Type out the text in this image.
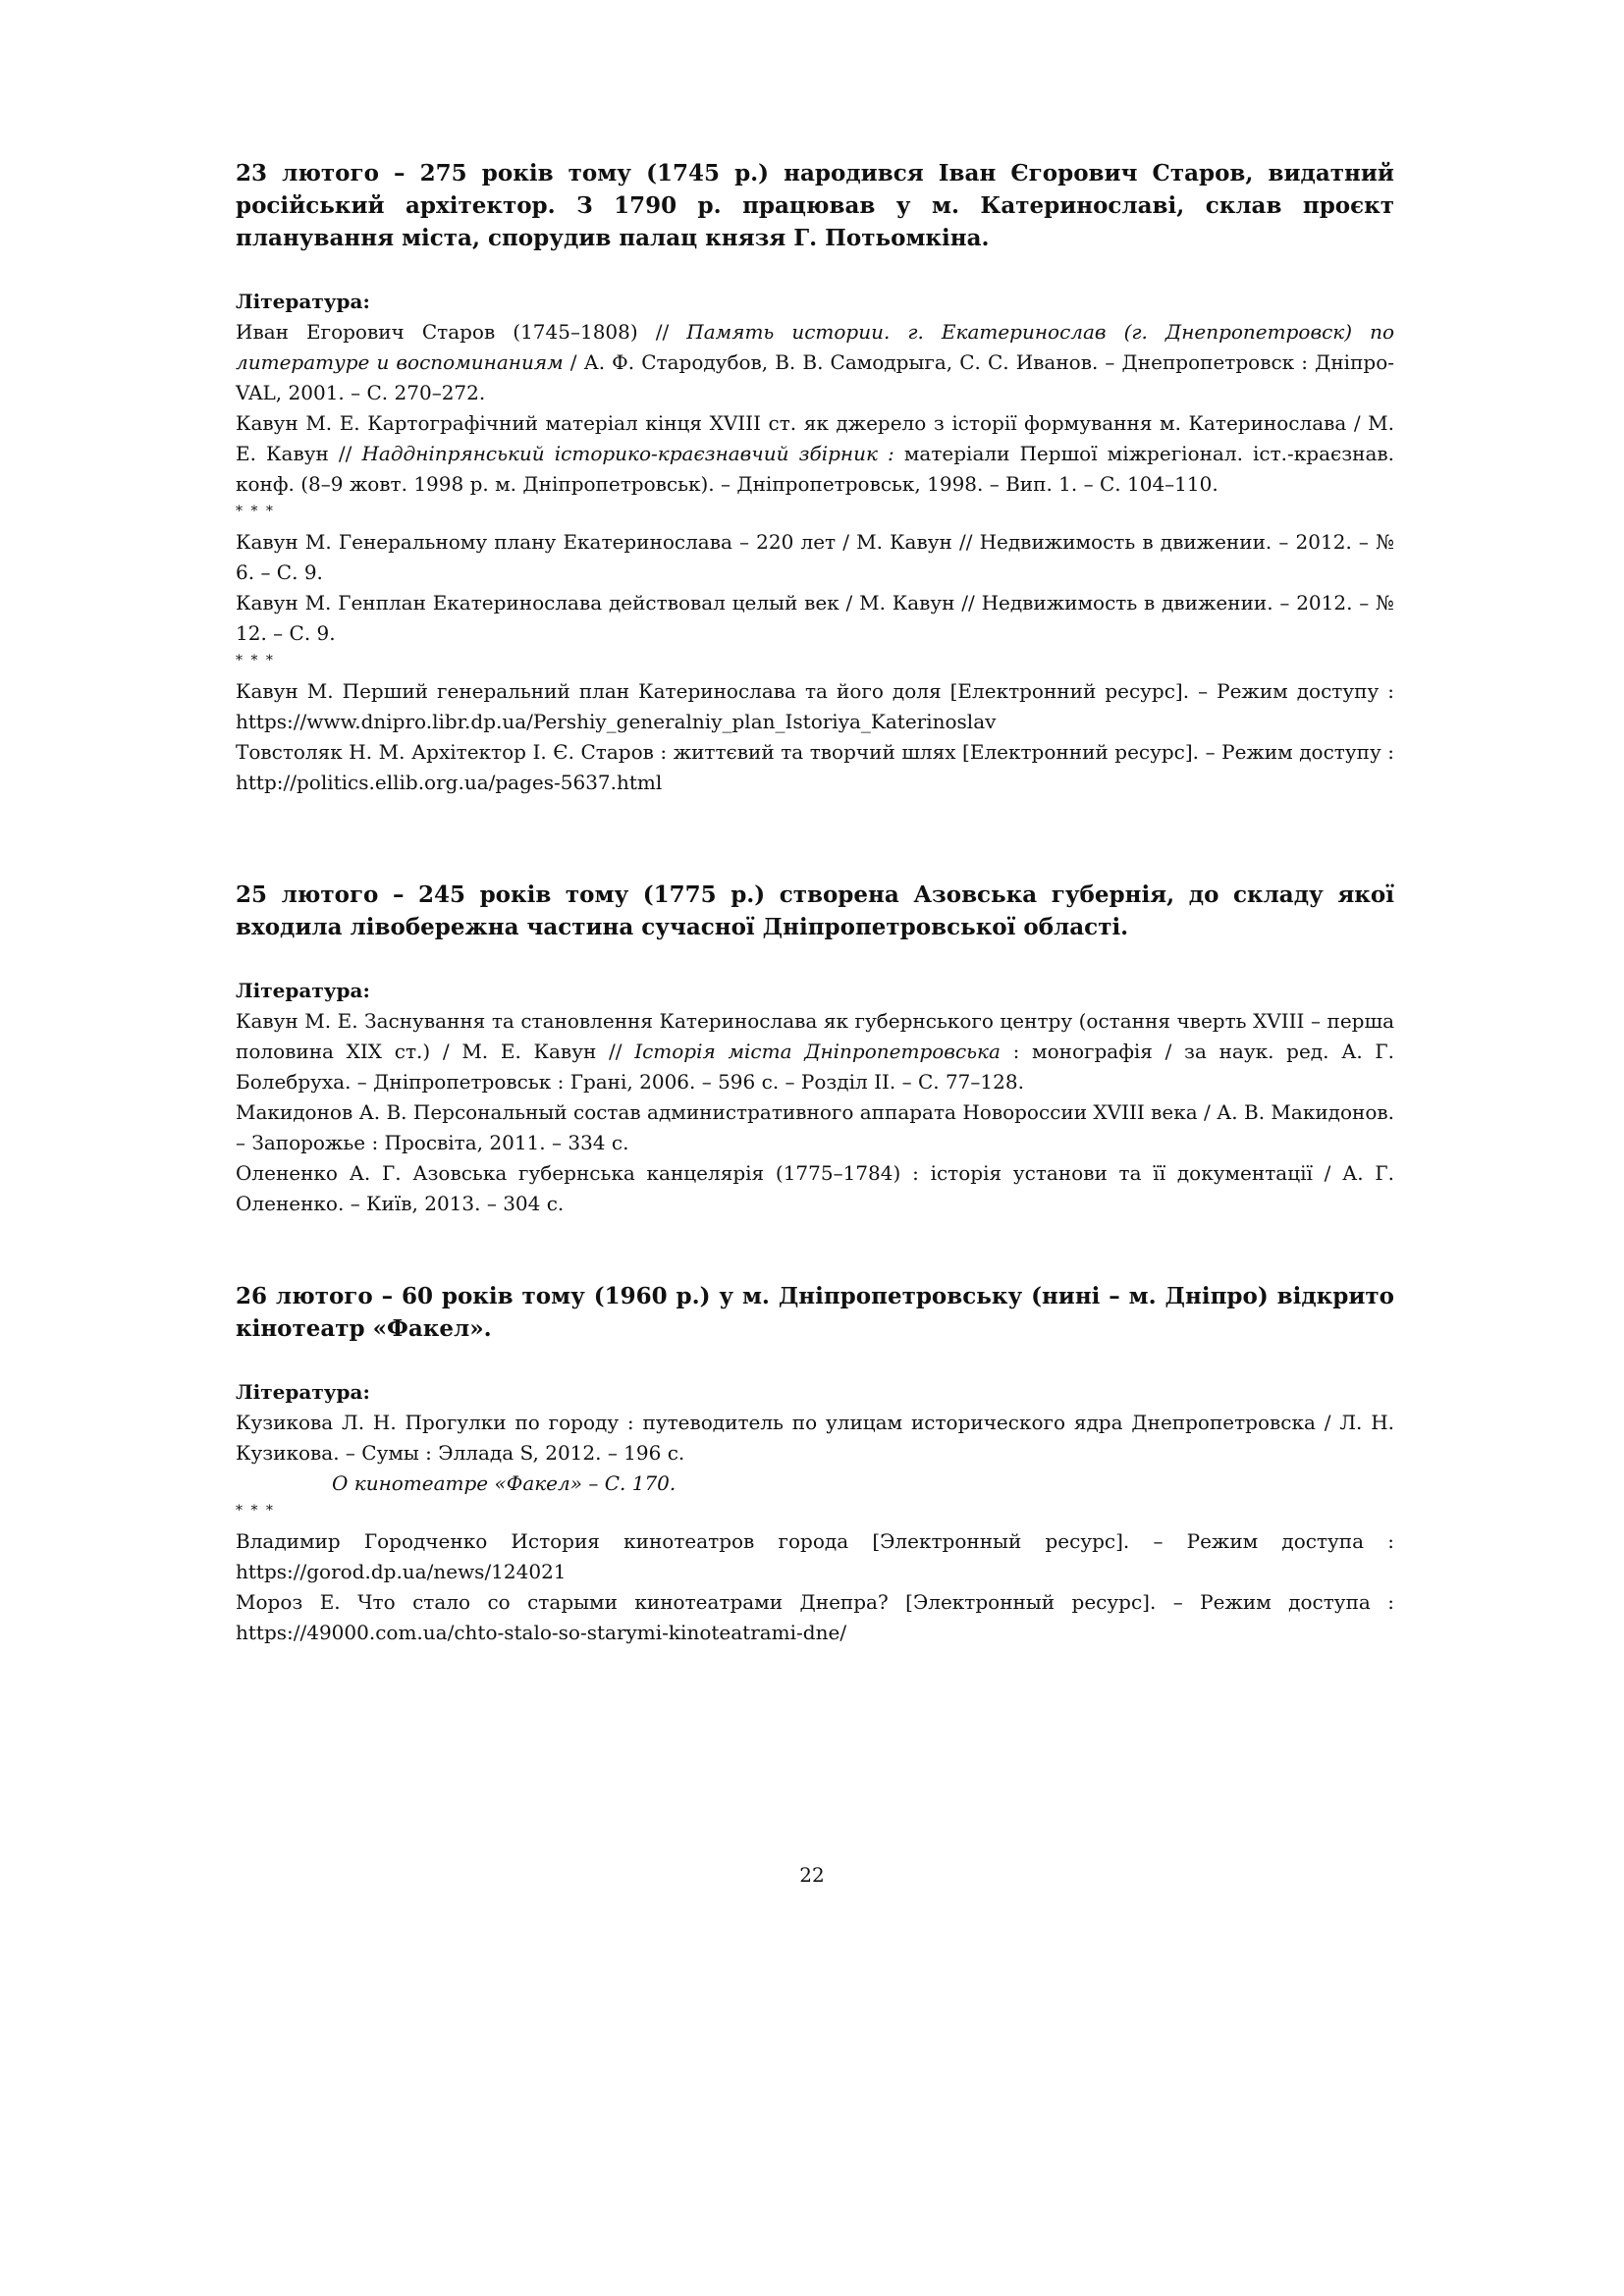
23 лютого – 275 років тому (1745 р.) народився Іван Єгорович Старов, видатний російський архітектор. З 1790 р. працював у м. Катеринославі, склав проєкт планування міста, спорудив палац князя Г. Потьомкіна.

Література:

Иван Егорович Старов (1745–1808) // Память истории. г. Екатеринослав (г. Днепропетровск) по литературе и воспоминаниям / А. Ф. Стародубов, В. В. Самодрыга, С. С. Иванов. – Днепропетровск : Дніпро-VAL, 2001. – С. 270–272.

Кавун М. Е. Картографічний матеріал кінця XVIII ст. як джерело з історії формування м. Катеринослава / М. Е. Кавун // Наддніпрянський історико-краєзнавчий збірник : матеріали Першої міжрегіонал. іст.-краєзнав. конф. (8–9 жовт. 1998 р. м. Дніпропетровськ). – Дніпропетровськ, 1998. – Вип. 1. – С. 104–110.

* * *

Кавун М. Генеральному плану Екатеринослава – 220 лет / М. Кавун // Недвижимость в движении. – 2012. – № 6. – С. 9.

Кавун М. Генплан Екатеринослава действовал целый век / М. Кавун // Недвижимость в движении. – 2012. – № 12. – С. 9.

* * *

Кавун М. Перший генеральний план Катеринослава та його доля [Електронний ресурс]. – Режим доступу : https://www.dnipro.libr.dp.ua/Pershiy_generalniy_plan_Istoriya_Katerinoslav

Товстоляк Н. М. Архітектор І. Є. Старов : життєвий та творчий шлях [Електронний ресурс]. – Режим доступу : http://politics.ellib.org.ua/pages-5637.html

25 лютого – 245 років тому (1775 р.) створена Азовська губернія, до складу якої входила лівобережна частина сучасної Дніпропетровської області.

Література:

Кавун М. Е. Заснування та становлення Катеринослава як губернського центру (остання чверть XVIII – перша половина XIX ст.) / М. Е. Кавун // Історія міста Дніпропетровська : монографія / за наук. ред. А. Г. Болебруха. – Дніпропетровськ : Грані, 2006. – 596 с. – Розділ ІІ. – С. 77–128.

Макидонов А. В. Персональный состав административного аппарата Новороссии XVIII века / А. В. Макидонов. – Запорожье : Просвіта, 2011. – 334 с.

Олененко А. Г. Азовська губернська канцелярія (1775–1784) : історія установи та її документації / А. Г. Олененко. – Київ, 2013. – 304 с.

26 лютого – 60 років тому (1960 р.) у м. Дніпропетровську (нині – м. Дніпро) відкрито кінотеатр «Факел».

Література:

Кузикова Л. Н. Прогулки по городу : путеводитель по улицам исторического ядра Днепропетровска / Л. Н. Кузикова. – Сумы : Эллада S, 2012. – 196 с.

О кинотеатре «Факел» – С. 170.

* * *

Владимир Городченко История кинотеатров города [Электронный ресурс]. – Режим доступа : https://gorod.dp.ua/news/124021

Мороз Е. Что стало со старыми кинотеатрами Днепра? [Электронный ресурс]. – Режим доступа : https://49000.com.ua/chto-stalo-so-starymi-kinoteatrami-dne/

22
